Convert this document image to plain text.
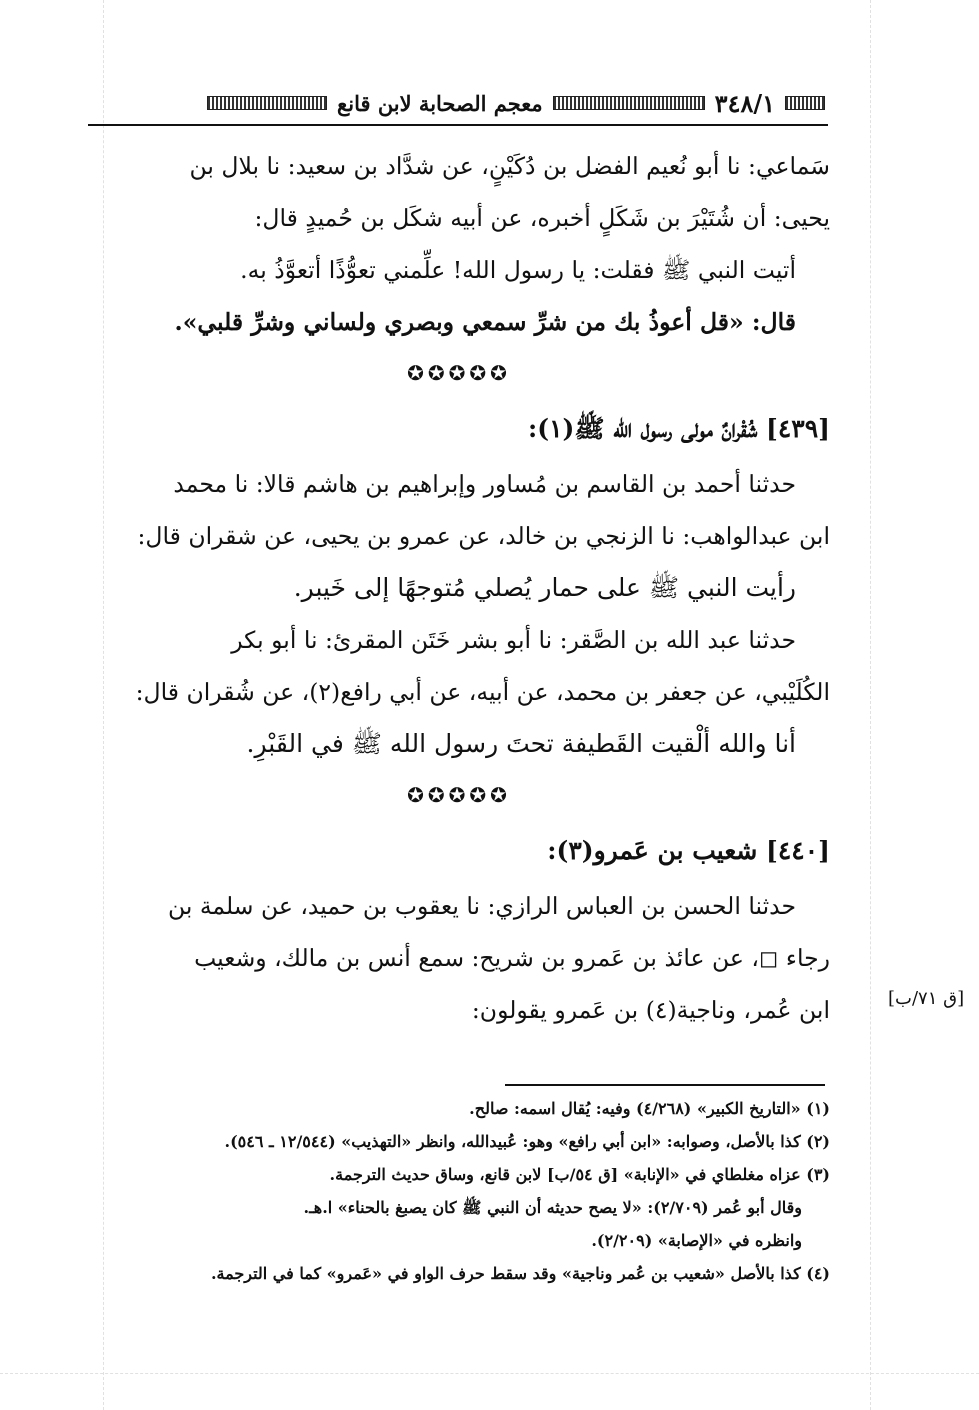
٣٤٨/١
معجم الصحابة لابن قانع

سَماعي: نا أبو نُعيم الفضل بن دُكَيْنٍ، عن شدَّاد بن سعيد: نا بلال بن

يحيى: أن شُتَيْرَ بن شَكَلٍ أخبره، عن أبيه شكَل بن حُميدٍ قال:

أتيت النبي ﷺ فقلت: يا رسول الله! علِّمني تعوُّذًا أتعوَّذُ به.

قال: «قل أعوذُ بك من شرِّ سمعي وبصري ولساني وشرِّ قلبي».

✪✪✪✪✪

[٤٣٩] شُقْرانٌ مولى رسول الله ﷺ(١):

حدثنا أحمد بن القاسم بن مُساور وإبراهيم بن هاشم قالا: نا محمد

ابن عبدالواهب: نا الزنجي بن خالد، عن عمرو بن يحيى، عن شقران قال:

رأيت النبي ﷺ على حمار يُصلي مُتوجهًا إلى خَيبر.

حدثنا عبد الله بن الصَّقر: نا أبو بشر خَتَن المقرئ: نا أبو بكر

الكُلَيْبي، عن جعفر بن محمد، عن أبيه، عن أبي رافع(٢)، عن شُقران قال:

أنا والله ألْقيت القَطيفة تحتَ رسول الله ﷺ في القَبْرِ.

✪✪✪✪✪

[٤٤٠] شعيب بن عَمرو(٣):

حدثنا الحسن بن العباس الرازي: نا يعقوب بن حميد، عن سلمة بن

رجاء ◻، عن عائذ بن عَمرو بن شريح: سمع أنس بن مالك، وشعيب

ابن عُمر، وناجية(٤) بن عَمرو يقولون:	[ق ٧١/ب]

(١) «التاريخ الكبير» (٤/٢٦٨) وفيه: يُقال اسمه: صالح.

(٢) كذا بالأصل، وصوابه: «ابن أبي رافع» وهو: عُبيدالله، وانظر «التهذيب» (١٢/٥٤٤ ـ ٥٤٦).

(٣) عزاه مغلطاي في «الإنابة» [ق ٥٤/ب] لابن قانع، وساق حديث الترجمة.

وقال أبو عُمر (٢/٧٠٩): «لا يصح حديثه أن النبي ﷺ كان يصبغ بالحناء» ا.هـ.

وانظره في «الإصابة» (٢/٢٠٩).

(٤) كذا بالأصل «شعيب بن عُمر وناجية» وقد سقط حرف الواو في «عَمرو» كما في الترجمة.
